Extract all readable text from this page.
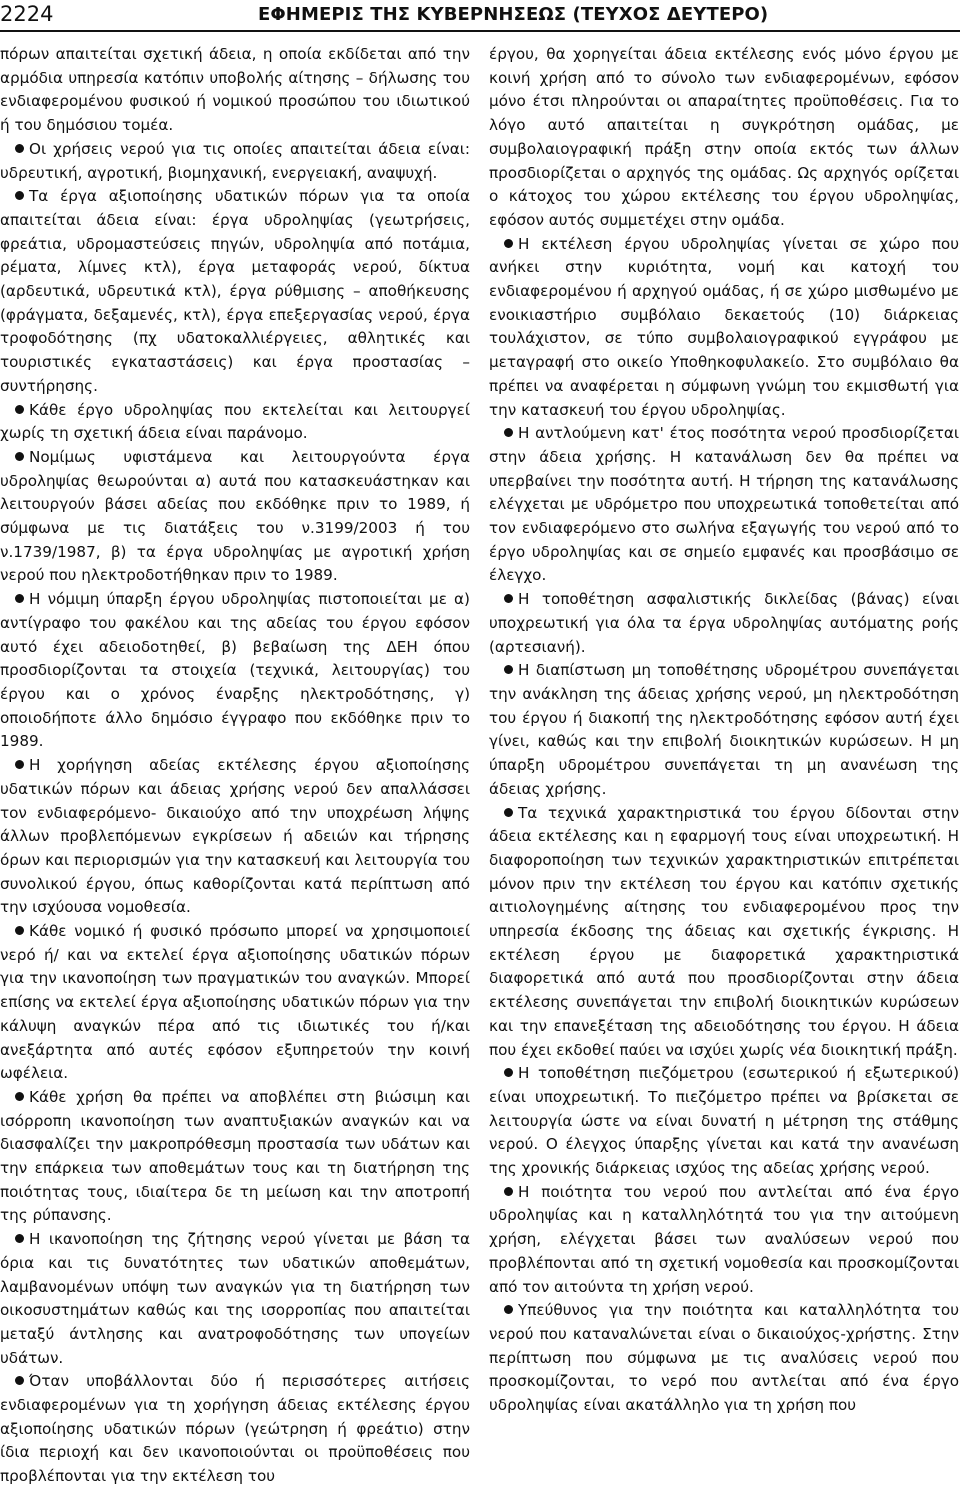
2224	ΕΦΗΜΕΡΙΣ ΤΗΣ ΚΥΒΕΡΝΗΣΕΩΣ (ΤΕΥΧΟΣ ΔΕΥΤΕΡΟ)

πόρων απαιτείται σχετική άδεια, η οποία εκδίδεται από την αρμόδια υπηρεσία κατόπιν υποβολής αίτησης – δήλωσης του ενδιαφερομένου φυσικού ή νομικού προσώπου του ιδιωτικού ή του δημόσιου τομέα.

Οι χρήσεις νερού για τις οποίες απαιτείται άδεια είναι: υδρευτική, αγροτική, βιομηχανική, ενεργειακή, αναψυχή.

Τα έργα αξιοποίησης υδατικών πόρων για τα οποία απαιτείται άδεια είναι: έργα υδροληψίας (γεωτρήσεις, φρεάτια, υδρομαστεύσεις πηγών, υδροληψία από ποτάμια, ρέματα, λίμνες κτλ), έργα μεταφοράς νερού, δίκτυα (αρδευτικά, υδρευτικά κτλ), έργα ρύθμισης – αποθήκευσης (φράγματα, δεξαμενές, κτλ), έργα επεξεργασίας νερού, έργα τροφοδότησης (πχ υδατοκαλλιέργειες, αθλητικές και τουριστικές εγκαταστάσεις) και έργα προστασίας – συντήρησης.

Κάθε έργο υδροληψίας που εκτελείται και λειτουργεί χωρίς τη σχετική άδεια είναι παράνομο.

Νομίμως υφιστάμενα και λειτουργούντα έργα υδροληψίας θεωρούνται α) αυτά που κατασκευάστηκαν και λειτουργούν βάσει αδείας που εκδόθηκε πριν το 1989, ή σύμφωνα με τις διατάξεις του ν.3199/2003 ή του ν.1739/1987, β) τα έργα υδροληψίας με αγροτική χρήση νερού που ηλεκτροδοτήθηκαν πριν το 1989.

Η νόμιμη ύπαρξη έργου υδροληψίας πιστοποιείται με α) αντίγραφο του φακέλου και της αδείας του έργου εφόσον αυτό έχει αδειοδοτηθεί, β) βεβαίωση της ΔΕΗ όπου προσδιορίζονται τα στοιχεία (τεχνικά, λειτουργίας) του έργου και ο χρόνος έναρξης ηλεκτροδότησης, γ) οποιοδήποτε άλλο δημόσιο έγγραφο που εκδόθηκε πριν το 1989.

Η χορήγηση αδείας εκτέλεσης έργου αξιοποίησης υδατικών πόρων και άδειας χρήσης νερού δεν απαλλάσσει τον ενδιαφερόμενο- δικαιούχο από την υποχρέωση λήψης άλλων προβλεπόμενων εγκρίσεων ή αδειών και τήρησης όρων και περιορισμών για την κατασκευή και λειτουργία του συνολικού έργου, όπως καθορίζονται κατά περίπτωση από την ισχύουσα νομοθεσία.

Κάθε νομικό ή φυσικό πρόσωπο μπορεί να χρησιμοποιεί νερό ή/ και να εκτελεί έργα αξιοποίησης υδατικών πόρων για την ικανοποίηση των πραγματικών του αναγκών. Μπορεί επίσης να εκτελεί έργα αξιοποίησης υδατικών πόρων για την κάλυψη αναγκών πέρα από τις ιδιωτικές του ή/και ανεξάρτητα από αυτές εφόσον εξυπηρετούν την κοινή ωφέλεια.

Κάθε χρήση θα πρέπει να αποβλέπει στη βιώσιμη και ισόρροπη ικανοποίηση των αναπτυξιακών αναγκών και να διασφαλίζει την μακροπρόθεσμη προστασία των υδάτων και την επάρκεια των αποθεμάτων τους και τη διατήρηση της ποιότητας τους, ιδιαίτερα δε τη μείωση και την αποτροπή της ρύπανσης.

Η ικανοποίηση της ζήτησης νερού γίνεται με βάση τα όρια και τις δυνατότητες των υδατικών αποθεμάτων, λαμβανομένων υπόψη των αναγκών για τη διατήρηση των οικοσυστημάτων καθώς και της ισορροπίας που απαιτείται μεταξύ άντλησης και ανατροφοδότησης των υπογείων υδάτων.

Όταν υποβάλλονται δύο ή περισσότερες αιτήσεις ενδιαφερομένων για τη χορήγηση άδειας εκτέλεσης έργου αξιοποίησης υδατικών πόρων (γεώτρηση ή φρεάτιο) στην ίδια περιοχή και δεν ικανοποιούνται οι προϋποθέσεις που προβλέπονται για την εκτέλεση του

έργου, θα χορηγείται άδεια εκτέλεσης ενός μόνο έργου με κοινή χρήση από το σύνολο των ενδιαφερομένων, εφόσον μόνο έτσι πληρούνται οι απαραίτητες προϋποθέσεις. Για το λόγο αυτό απαιτείται η συγκρότηση ομάδας, με συμβολαιογραφική πράξη στην οποία εκτός των άλλων προσδιορίζεται ο αρχηγός της ομάδας. Ως αρχηγός ορίζεται ο κάτοχος του χώρου εκτέλεσης του έργου υδροληψίας, εφόσον αυτός συμμετέχει στην ομάδα.

Η εκτέλεση έργου υδροληψίας γίνεται σε χώρο που ανήκει στην κυριότητα, νομή και κατοχή του ενδιαφερομένου ή αρχηγού ομάδας, ή σε χώρο μισθωμένο με ενοικιαστήριο συμβόλαιο δεκαετούς (10) διάρκειας τουλάχιστον, σε τύπο συμβολαιογραφικού εγγράφου με μεταγραφή στο οικείο Υποθηκοφυλακείο. Στο συμβόλαιο θα πρέπει να αναφέρεται η σύμφωνη γνώμη του εκμισθωτή για την κατασκευή του έργου υδροληψίας.

Η αντλούμενη κατ' έτος ποσότητα νερού προσδιορίζεται στην άδεια χρήσης. Η κατανάλωση δεν θα πρέπει να υπερβαίνει την ποσότητα αυτή. Η τήρηση της κατανάλωσης ελέγχεται με υδρόμετρο που υποχρεωτικά τοποθετείται από τον ενδιαφερόμενο στο σωλήνα εξαγωγής του νερού από το έργο υδροληψίας και σε σημείο εμφανές και προσβάσιμο σε έλεγχο.

Η τοποθέτηση ασφαλιστικής δικλείδας (βάνας) είναι υποχρεωτική για όλα τα έργα υδροληψίας αυτόματης ροής (αρτεσιανή).

Η διαπίστωση μη τοποθέτησης υδρομέτρου συνεπάγεται την ανάκληση της άδειας χρήσης νερού, μη ηλεκτροδότηση του έργου ή διακοπή της ηλεκτροδότησης εφόσον αυτή έχει γίνει, καθώς και την επιβολή διοικητικών κυρώσεων. Η μη ύπαρξη υδρομέτρου συνεπάγεται τη μη ανανέωση της άδειας χρήσης.

Τα τεχνικά χαρακτηριστικά του έργου δίδονται στην άδεια εκτέλεσης και η εφαρμογή τους είναι υποχρεωτική. Η διαφοροποίηση των τεχνικών χαρακτηριστικών επιτρέπεται μόνον πριν την εκτέλεση του έργου και κατόπιν σχετικής αιτιολογημένης αίτησης του ενδιαφερομένου προς την υπηρεσία έκδοσης της άδειας και σχετικής έγκρισης. Η εκτέλεση έργου με διαφορετικά χαρακτηριστικά διαφορετικά από αυτά που προσδιορίζονται στην άδεια εκτέλεσης συνεπάγεται την επιβολή διοικητικών κυρώσεων και την επανεξέταση της αδειοδότησης του έργου. Η άδεια που έχει εκδοθεί παύει να ισχύει χωρίς νέα διοικητική πράξη.

Η τοποθέτηση πιεζόμετρου (εσωτερικού ή εξωτερικού) είναι υποχρεωτική. Το πιεζόμετρο πρέπει να βρίσκεται σε λειτουργία ώστε να είναι δυνατή η μέτρηση της στάθμης νερού. Ο έλεγχος ύπαρξης γίνεται και κατά την ανανέωση της χρονικής διάρκειας ισχύος της αδείας χρήσης νερού.

Η ποιότητα του νερού που αντλείται από ένα έργο υδροληψίας και η καταλληλότητά του για την αιτούμενη χρήση, ελέγχεται βάσει των αναλύσεων νερού που προβλέπονται από τη σχετική νομοθεσία και προσκομίζονται από τον αιτούντα τη χρήση νερού.

Υπεύθυνος για την ποιότητα και καταλληλότητα του νερού που καταναλώνεται είναι ο δικαιούχος-χρήστης. Στην περίπτωση που σύμφωνα με τις αναλύσεις νερού που προσκομίζονται, το νερό που αντλείται από ένα έργο υδροληψίας είναι ακατάλληλο για τη χρήση που
